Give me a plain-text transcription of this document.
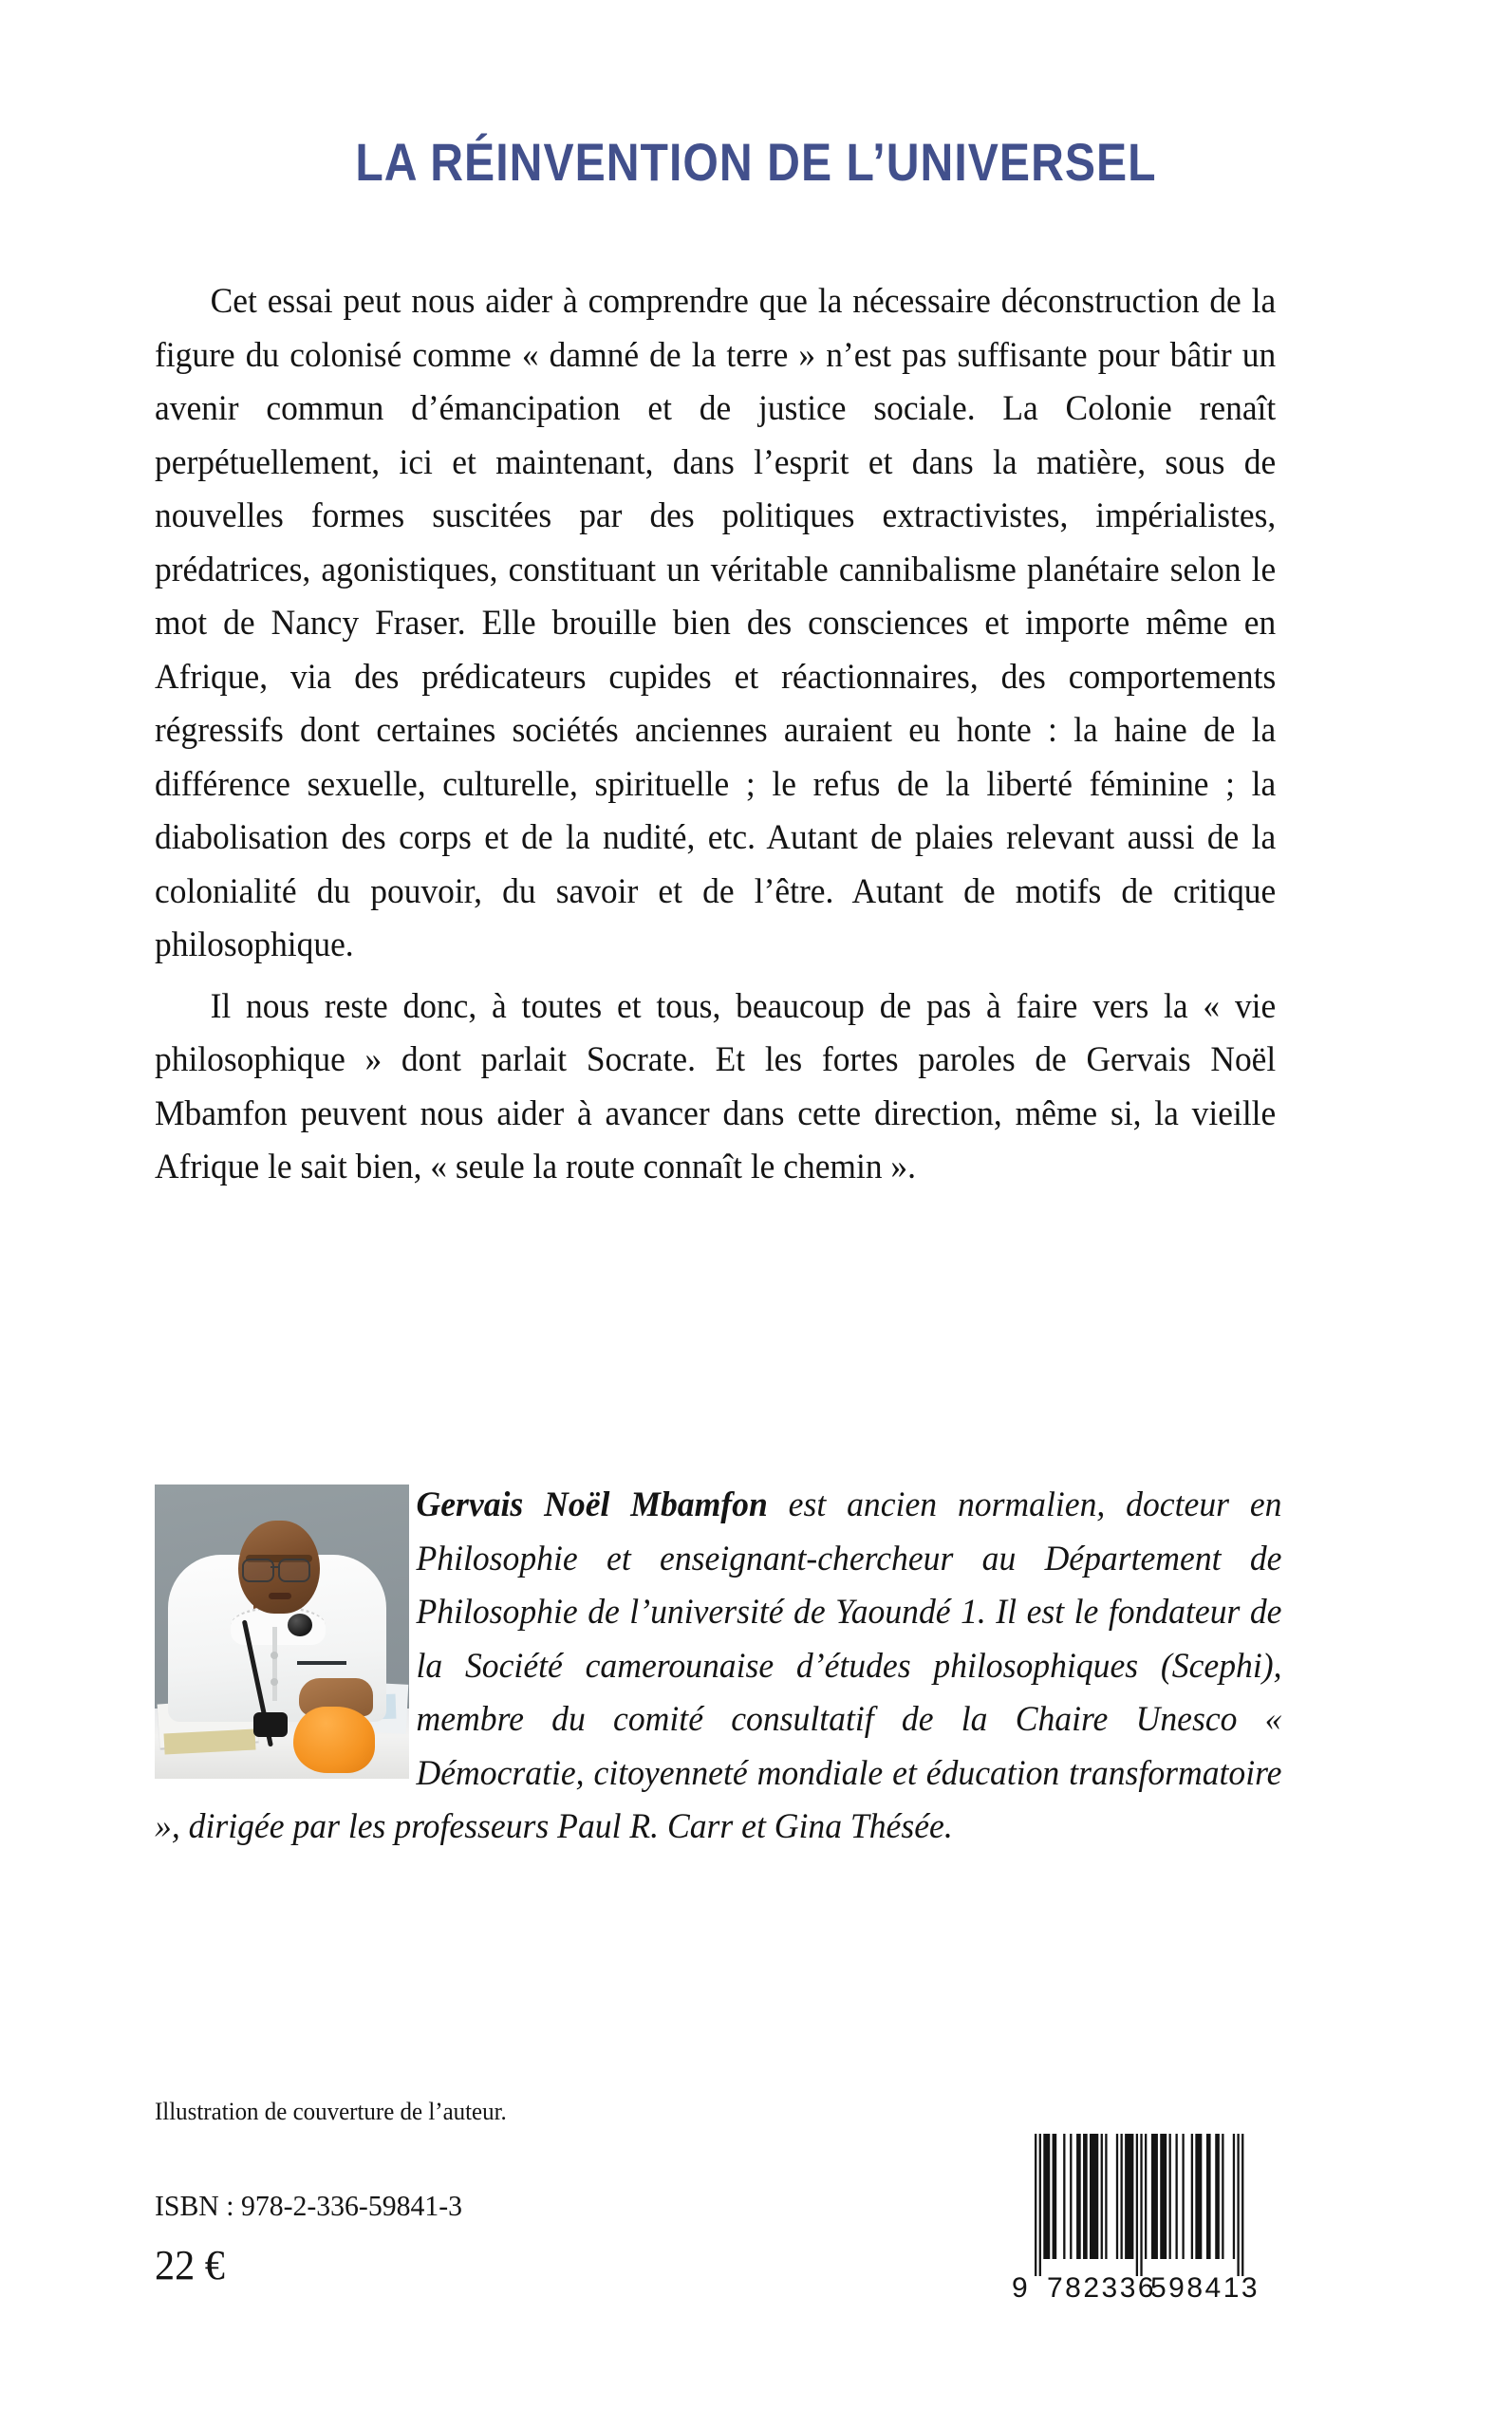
LA RÉINVENTION DE L’UNIVERSEL

Cet essai peut nous aider à comprendre que la nécessaire déconstruction de la figure du colonisé comme « damné de la terre » n’est pas suffisante pour bâtir un avenir commun d’émancipation et de justice sociale. La Colonie renaît perpétuellement, ici et maintenant, dans l’esprit et dans la matière, sous de nouvelles formes suscitées par des politiques extractivistes, impérialistes, prédatrices, agonistiques, constituant un véritable cannibalisme planétaire selon le mot de Nancy Fraser. Elle brouille bien des consciences et importe même en Afrique, via des prédicateurs cupides et réactionnaires, des comportements régressifs dont certaines sociétés anciennes auraient eu honte : la haine de la différence sexuelle, culturelle, spirituelle ; le refus de la liberté féminine ; la diabolisation des corps et de la nudité, etc. Autant de plaies relevant aussi de la colonialité du pouvoir, du savoir et de l’être. Autant de motifs de critique philosophique.

Il nous reste donc, à toutes et tous, beaucoup de pas à faire vers la « vie philosophique » dont parlait Socrate. Et les fortes paroles de Gervais Noël Mbamfon peuvent nous aider à avancer dans cette direction, même si, la vieille Afrique le sait bien, « seule la route connaît le chemin ».

Gervais Noël Mbamfon est ancien normalien, docteur en Philosophie et enseignant-chercheur au Département de Philosophie de l’université de Yaoundé 1. Il est le fondateur de la Société camerounaise d’études philosophiques (Scephi), membre du comité consultatif de la Chaire Unesco « Démocratie, citoyenneté mondiale et éducation transformatoire », dirigée par les professeurs Paul R. Carr et Gina Thésée.

Illustration de couverture de l’auteur.

ISBN : 978-2-336-59841-3

22 €	9 782336
598413
